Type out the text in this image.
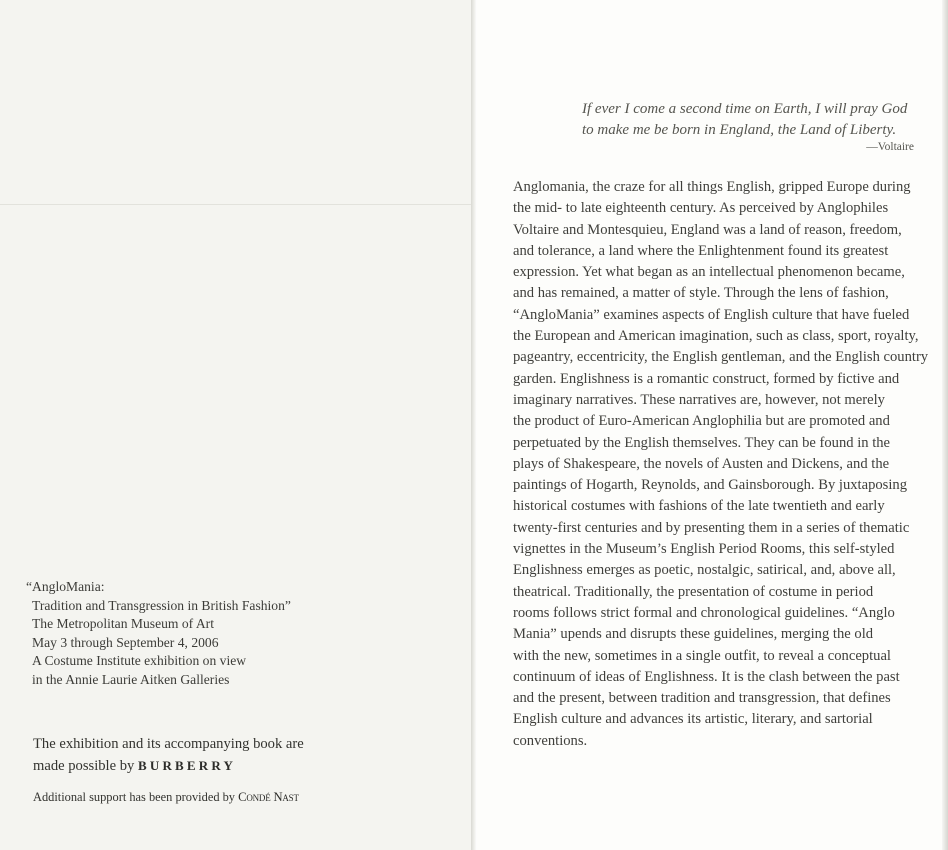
“AngloMania:
Tradition and Transgression in British Fashion”
The Metropolitan Museum of Art
May 3 through September 4, 2006
A Costume Institute exhibition on view
in the Annie Laurie Aitken Galleries
The exhibition and its accompanying book are
made possible by BURBERRY
Additional support has been provided by Condé Nast
If ever I come a second time on Earth, I will pray God
to make me be born in England, the Land of Liberty.
—Voltaire
Anglomania, the craze for all things English, gripped Europe during
the mid- to late eighteenth century. As perceived by Anglophiles
Voltaire and Montesquieu, England was a land of reason, freedom,
and tolerance, a land where the Enlightenment found its greatest
expression. Yet what began as an intellectual phenomenon became,
and has remained, a matter of style. Through the lens of fashion,
“AngloMania” examines aspects of English culture that have fueled
the European and American imagination, such as class, sport, royalty,
pageantry, eccentricity, the English gentleman, and the English country
garden. Englishness is a romantic construct, formed by fictive and
imaginary narratives. These narratives are, however, not merely
the product of Euro-American Anglophilia but are promoted and
perpetuated by the English themselves. They can be found in the
plays of Shakespeare, the novels of Austen and Dickens, and the
paintings of Hogarth, Reynolds, and Gainsborough. By juxtaposing
historical costumes with fashions of the late twentieth and early
twenty-first centuries and by presenting them in a series of thematic
vignettes in the Museum’s English Period Rooms, this self-styled
Englishness emerges as poetic, nostalgic, satirical, and, above all,
theatrical. Traditionally, the presentation of costume in period
rooms follows strict formal and chronological guidelines. “Anglo
Mania” upends and disrupts these guidelines, merging the old
with the new, sometimes in a single outfit, to reveal a conceptual
continuum of ideas of Englishness. It is the clash between the past
and the present, between tradition and transgression, that defines
English culture and advances its artistic, literary, and sartorial
conventions.
